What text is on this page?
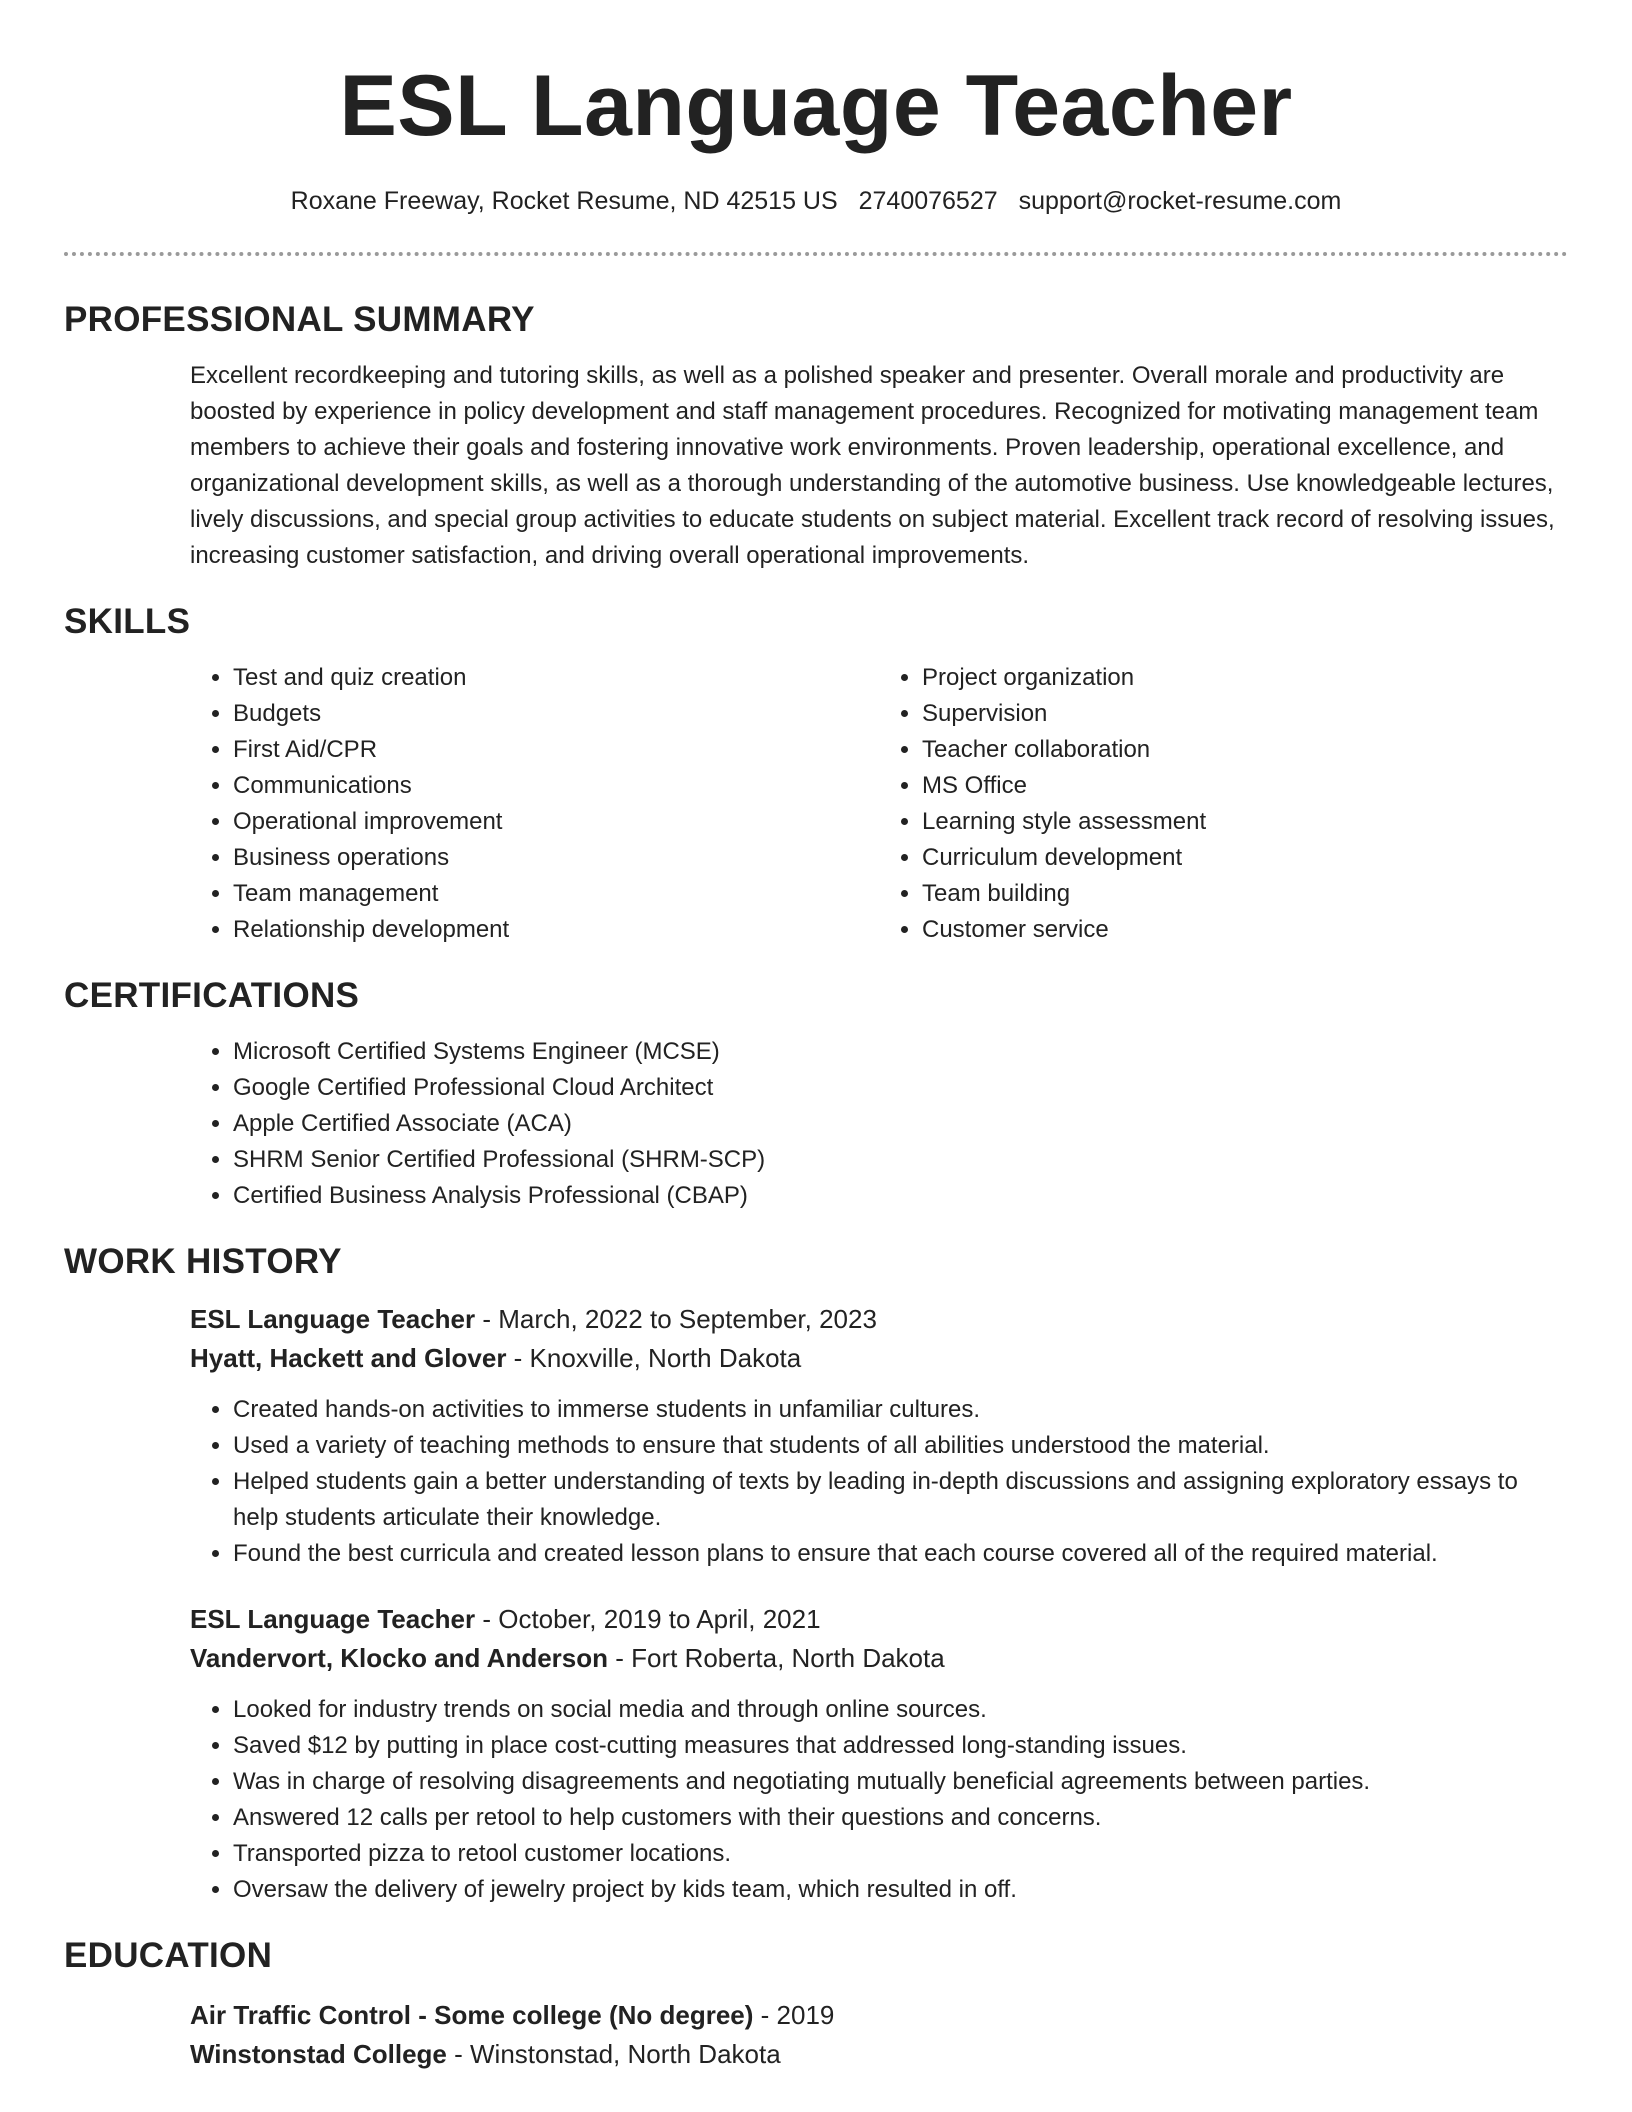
ESL Language Teacher
Roxane Freeway, Rocket Resume, ND 42515 US 2740076527 support@rocket-resume.com
PROFESSIONAL SUMMARY

Excellent recordkeeping and tutoring skills, as well as a polished speaker and presenter. Overall morale and productivity are boosted by experience in policy development and staff management procedures. Recognized for motivating management team members to achieve their goals and fostering innovative work environments. Proven leadership, operational excellence, and organizational development skills, as well as a thorough understanding of the automotive business. Use knowledgeable lectures, lively discussions, and special group activities to educate students on subject material. Excellent track record of resolving issues, increasing customer satisfaction, and driving overall operational improvements.

SKILLS
• Test and quiz creation
• Budgets
• First Aid/CPR
• Communications
• Operational improvement
• Business operations
• Team management
• Relationship development
• Project organization
• Supervision
• Teacher collaboration
• MS Office
• Learning style assessment
• Curriculum development
• Team building
• Customer service
CERTIFICATIONS
• Microsoft Certified Systems Engineer (MCSE)
• Google Certified Professional Cloud Architect
• Apple Certified Associate (ACA)
• SHRM Senior Certified Professional (SHRM-SCP)
• Certified Business Analysis Professional (CBAP)
WORK HISTORY
ESL Language Teacher - March, 2022 to September, 2023
Hyatt, Hackett and Glover - Knoxville, North Dakota
• Created hands-on activities to immerse students in unfamiliar cultures.
• Used a variety of teaching methods to ensure that students of all abilities understood the material.
• Helped students gain a better understanding of texts by leading in-depth discussions and assigning exploratory essays to help students articulate their knowledge.
• Found the best curricula and created lesson plans to ensure that each course covered all of the required material.
ESL Language Teacher - October, 2019 to April, 2021
Vandervort, Klocko and Anderson - Fort Roberta, North Dakota
• Looked for industry trends on social media and through online sources.
• Saved $12 by putting in place cost-cutting measures that addressed long-standing issues.
• Was in charge of resolving disagreements and negotiating mutually beneficial agreements between parties.
• Answered 12 calls per retool to help customers with their questions and concerns.
• Transported pizza to retool customer locations.
• Oversaw the delivery of jewelry project by kids team, which resulted in off.
EDUCATION
Air Traffic Control - Some college (No degree) - 2019
Winstonstad College - Winstonstad, North Dakota
